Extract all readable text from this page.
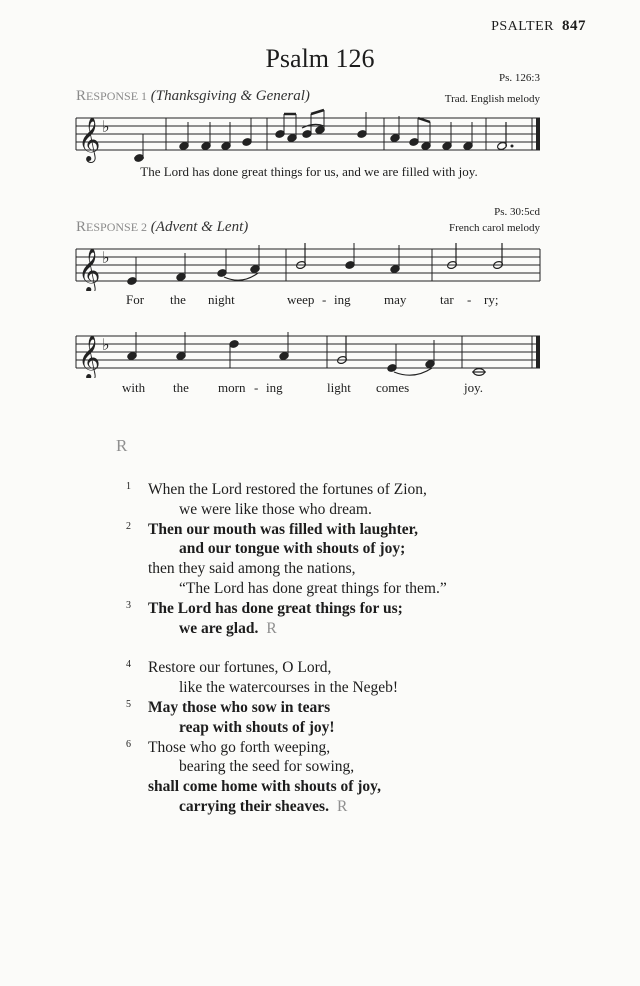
PSALTER 847
Psalm 126
Ps. 126:3
RESPONSE 1 (Thanksgiving & General)	Trad. English melody
𝄞 ♭
The Lord has done great things for us, and we are filled with joy.
Ps. 30:5cd
RESPONSE 2 (Advent & Lent)	French carol melody
𝄞 ♭
For the night	weep - ing	may	tar - ry;
𝄞 ♭
with the morn - ing	light comes	joy.
R
1 When the Lord restored the fortunes of Zion,
we were like those who dream.
2 Then our mouth was filled with laughter,
and our tongue with shouts of joy;
then they said among the nations,
“The Lord has done great things for them.”
3 The Lord has done great things for us;
we are glad. R
4 Restore our fortunes, O Lord,
like the watercourses in the Negeb!
5 May those who sow in tears
reap with shouts of joy!
6 Those who go forth weeping,
bearing the seed for sowing,
shall come home with shouts of joy,
carrying their sheaves. R
